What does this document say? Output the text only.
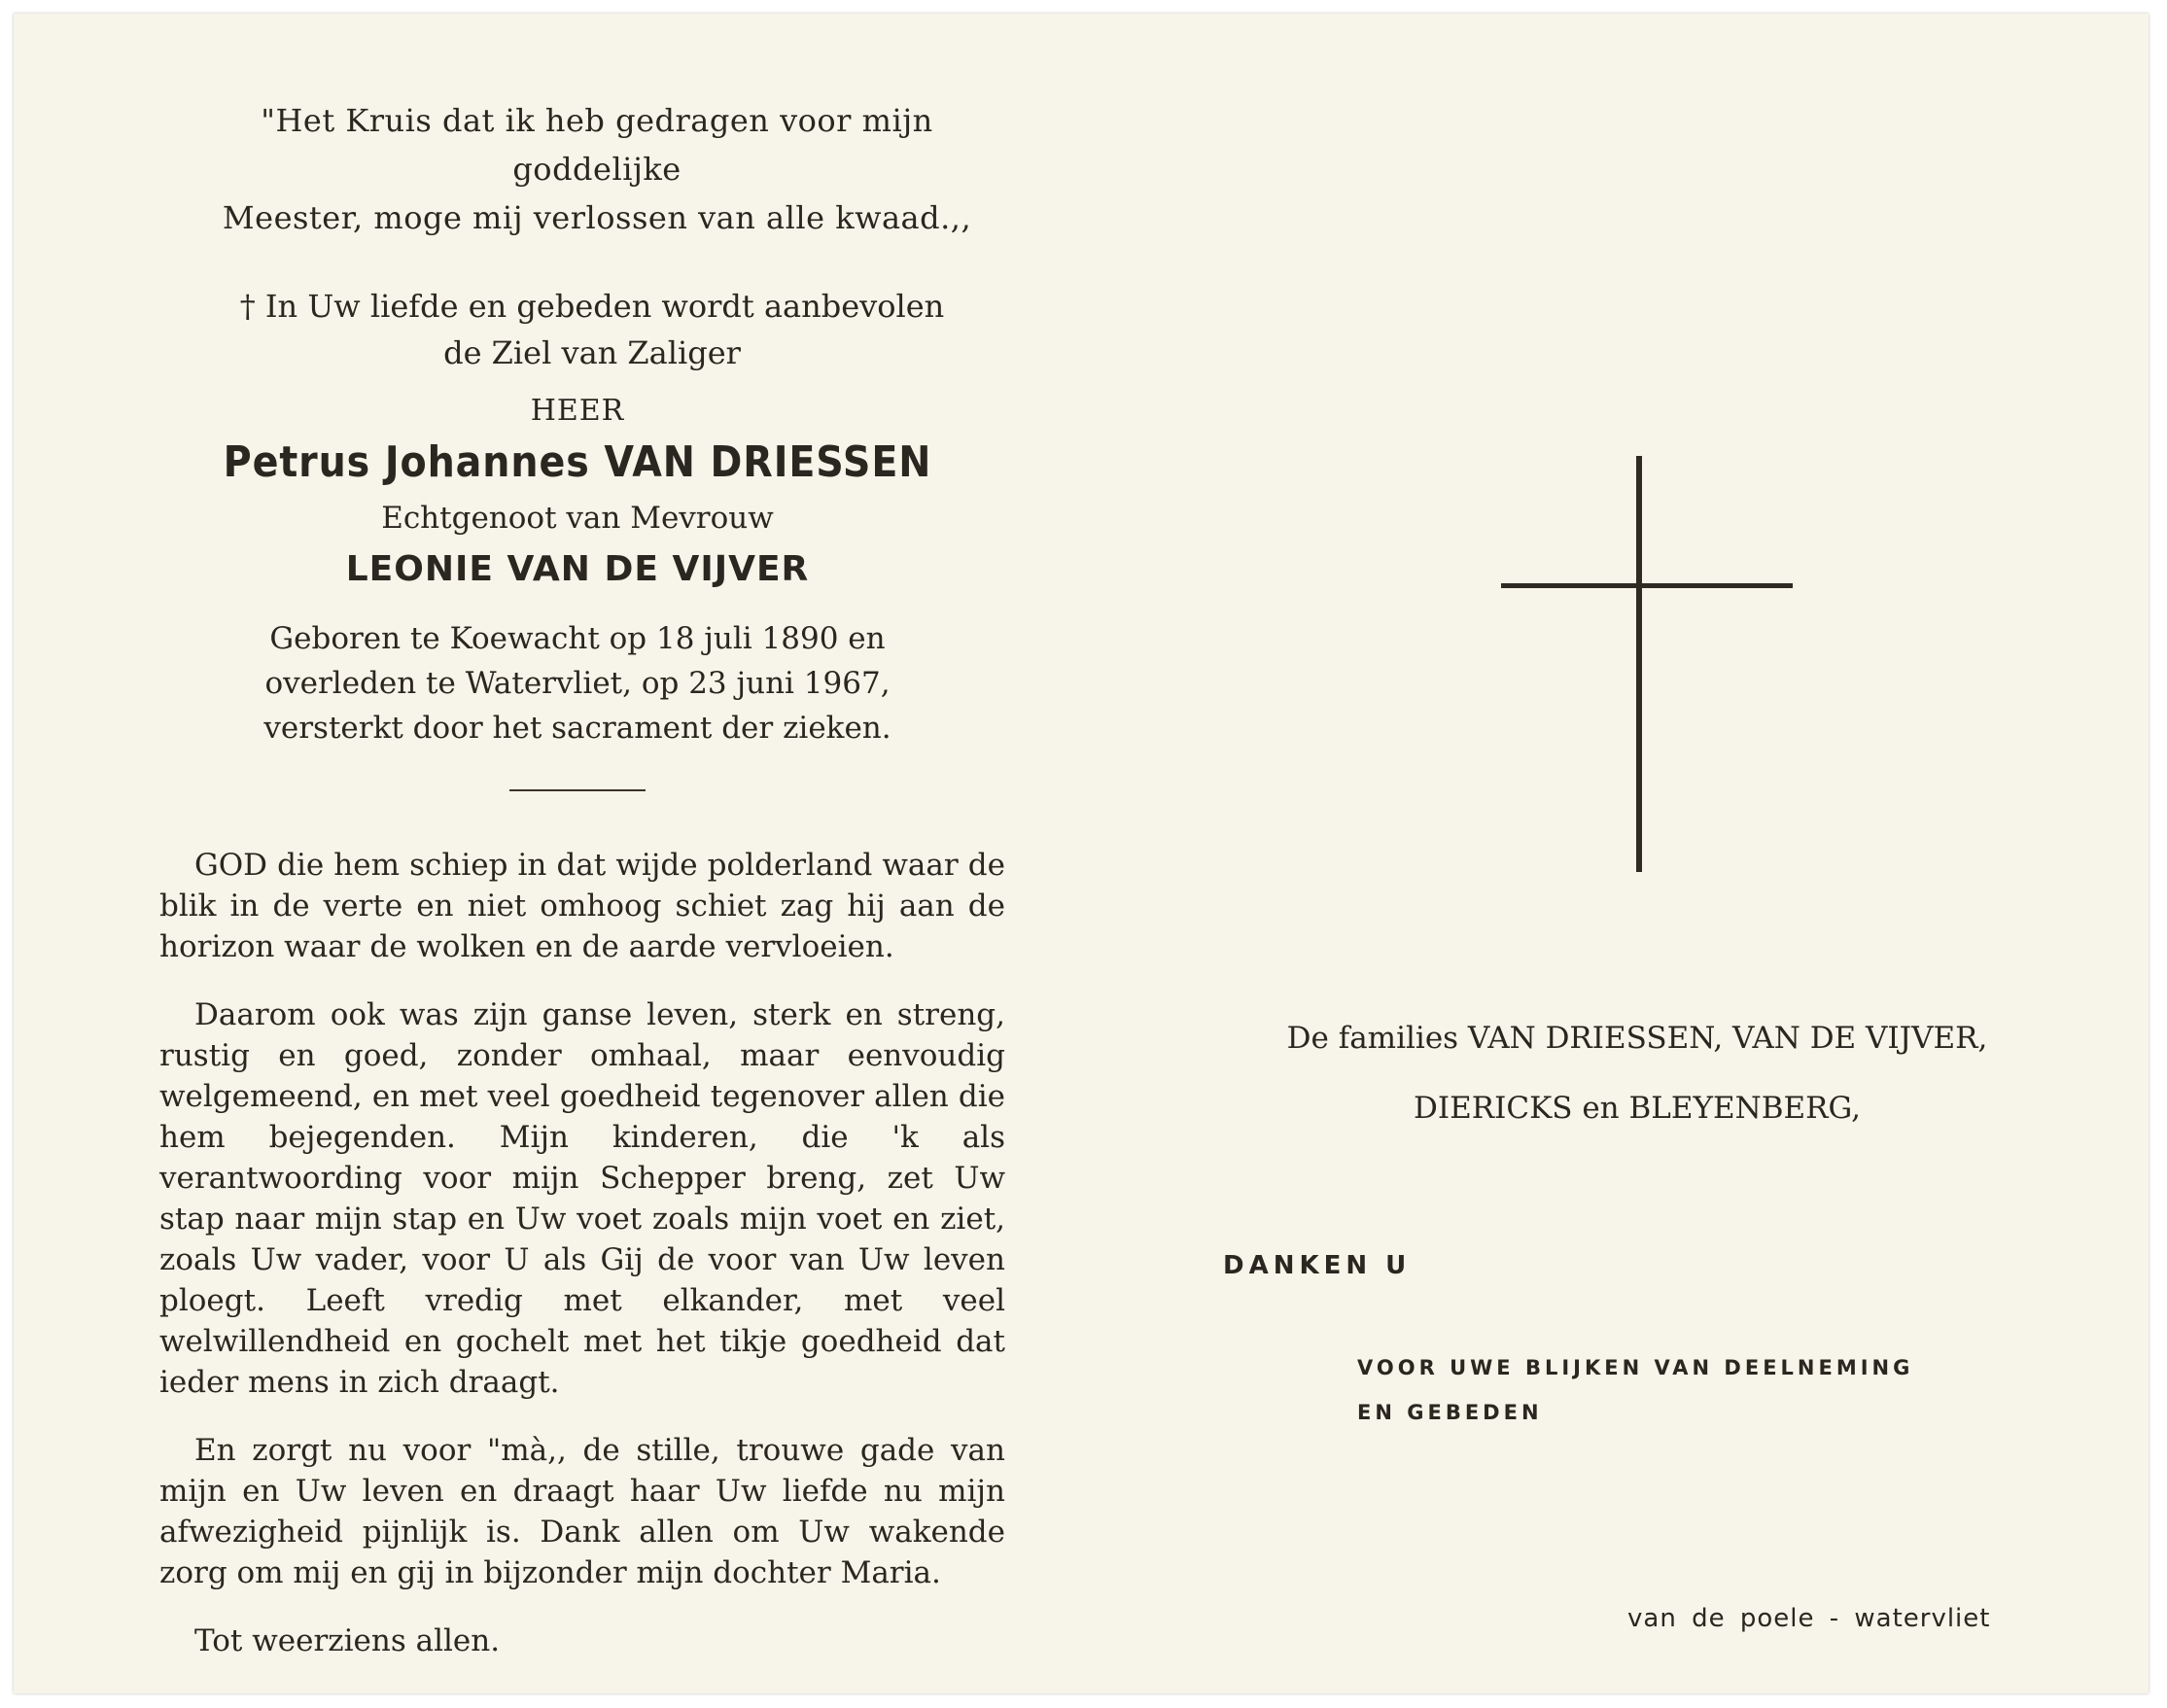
"Het Kruis dat ik heb gedragen voor mijn goddelijke
Meester, moge mij verlossen van alle kwaad.,,
† In Uw liefde en gebeden wordt aanbevolen
de Ziel van Zaliger
HEER
Petrus Johannes VAN DRIESSEN
Echtgenoot van Mevrouw
LEONIE VAN DE VIJVER
Geboren te Koewacht op 18 juli 1890 en
overleden te Watervliet, op 23 juni 1967,
versterkt door het sacrament der zieken.

GOD die hem schiep in dat wijde polderland waar de blik in de verte en niet omhoog schiet zag hij aan de horizon waar de wolken en de aarde vervloeien.

Daarom ook was zijn ganse leven, sterk en streng, rustig en goed, zonder omhaal, maar eenvoudig welgemeend, en met veel goedheid tegenover allen die hem bejegenden. Mijn kinderen, die 'k als verantwoording voor mijn Schepper breng, zet Uw stap naar mijn stap en Uw voet zoals mijn voet en ziet, zoals Uw vader, voor U als Gij de voor van Uw leven ploegt. Leeft vredig met elkander, met veel welwillendheid en gochelt met het tikje goedheid dat ieder mens in zich draagt.

En zorgt nu voor "mà,, de stille, trouwe gade van mijn en Uw leven en draagt haar Uw liefde nu mijn afwezigheid pijnlijk is. Dank allen om Uw wakende zorg om mij en gij in bijzonder mijn dochter Maria.

Tot weerziens allen.

De families VAN DRIESSEN, VAN DE VIJVER,
DIERICKS en BLEYENBERG,
DANKEN U
VOOR UWE BLIJKEN VAN DEELNEMING
EN GEBEDEN
van de poele - watervliet
